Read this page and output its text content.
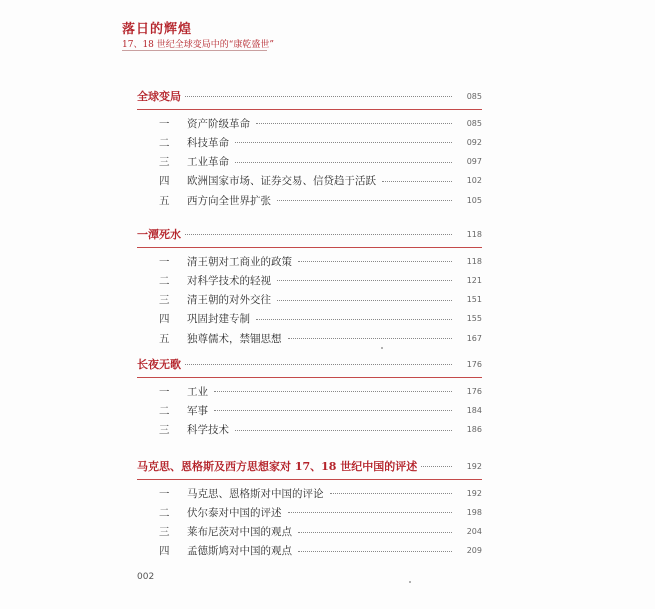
落日的辉煌
17、18 世纪全球变局中的“康乾盛世”
全球变局	085
一	资产阶级革命	085
二	科技革命	092
三	工业革命	097
四	欧洲国家市场、证券交易、信贷趋于活跃	102
五	西方向全世界扩张	105
一潭死水	118
一	清王朝对工商业的政策	118
二	对科学技术的轻视	121
三	清王朝的对外交往	151
四	巩固封建专制	155
五	独尊儒术，禁锢思想	167
长夜无歌	176
一	工业	176
二	军事	184
三	科学技术	186
马克思、恩格斯及西方思想家对 17、18 世纪中国的评述	192
一	马克思、恩格斯对中国的评论	192
二	伏尔泰对中国的评述	198
三	莱布尼茨对中国的观点	204
四	孟德斯鸠对中国的观点	209
002
